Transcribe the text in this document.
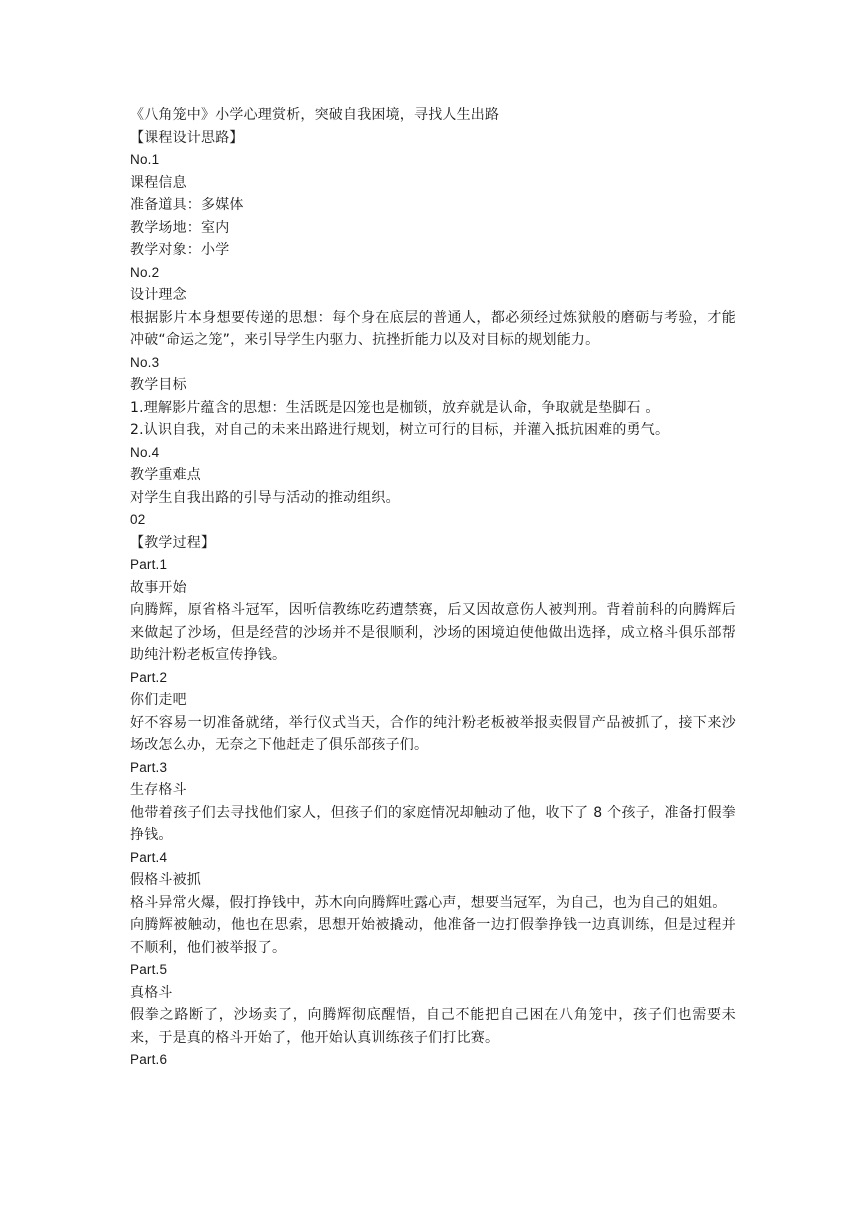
《八角笼中》小学心理赏析，突破自我困境，寻找人生出路
【课程设计思路】
No.1
课程信息
准备道具：多媒体
教学场地：室内
教学对象：小学
No.2
设计理念
根据影片本身想要传递的思想：每个身在底层的普通人，都必须经过炼狱般的磨砺与考验，才能冲破“命运之笼”，来引导学生内驱力、抗挫折能力以及对目标的规划能力。
No.3
教学目标
1.理解影片蕴含的思想：生活既是囚笼也是枷锁，放弃就是认命，争取就是垫脚石 。
2.认识自我，对自己的未来出路进行规划，树立可行的目标，并灌入抵抗困难的勇气。
No.4
教学重难点
对学生自我出路的引导与活动的推动组织。
02
【教学过程】
Part.1
故事开始
向腾辉，原省格斗冠军，因听信教练吃药遭禁赛，后又因故意伤人被判刑。背着前科的向腾辉后来做起了沙场，但是经营的沙场并不是很顺利，沙场的困境迫使他做出选择，成立格斗俱乐部帮助纯汁粉老板宣传挣钱。
Part.2
你们走吧
好不容易一切准备就绪，举行仪式当天，合作的纯汁粉老板被举报卖假冒产品被抓了，接下来沙场改怎么办，无奈之下他赶走了俱乐部孩子们。
Part.3
生存格斗
他带着孩子们去寻找他们家人，但孩子们的家庭情况却触动了他，收下了 8 个孩子，准备打假拳挣钱。
Part.4
假格斗被抓
格斗异常火爆，假打挣钱中，苏木向向腾辉吐露心声，想要当冠军，为自己，也为自己的姐姐。
向腾辉被触动，他也在思索，思想开始被撬动，他准备一边打假拳挣钱一边真训练，但是过程并不顺利，他们被举报了。
Part.5
真格斗
假拳之路断了，沙场卖了，向腾辉彻底醒悟，自己不能把自己困在八角笼中，孩子们也需要未来，于是真的格斗开始了，他开始认真训练孩子们打比赛。
Part.6
